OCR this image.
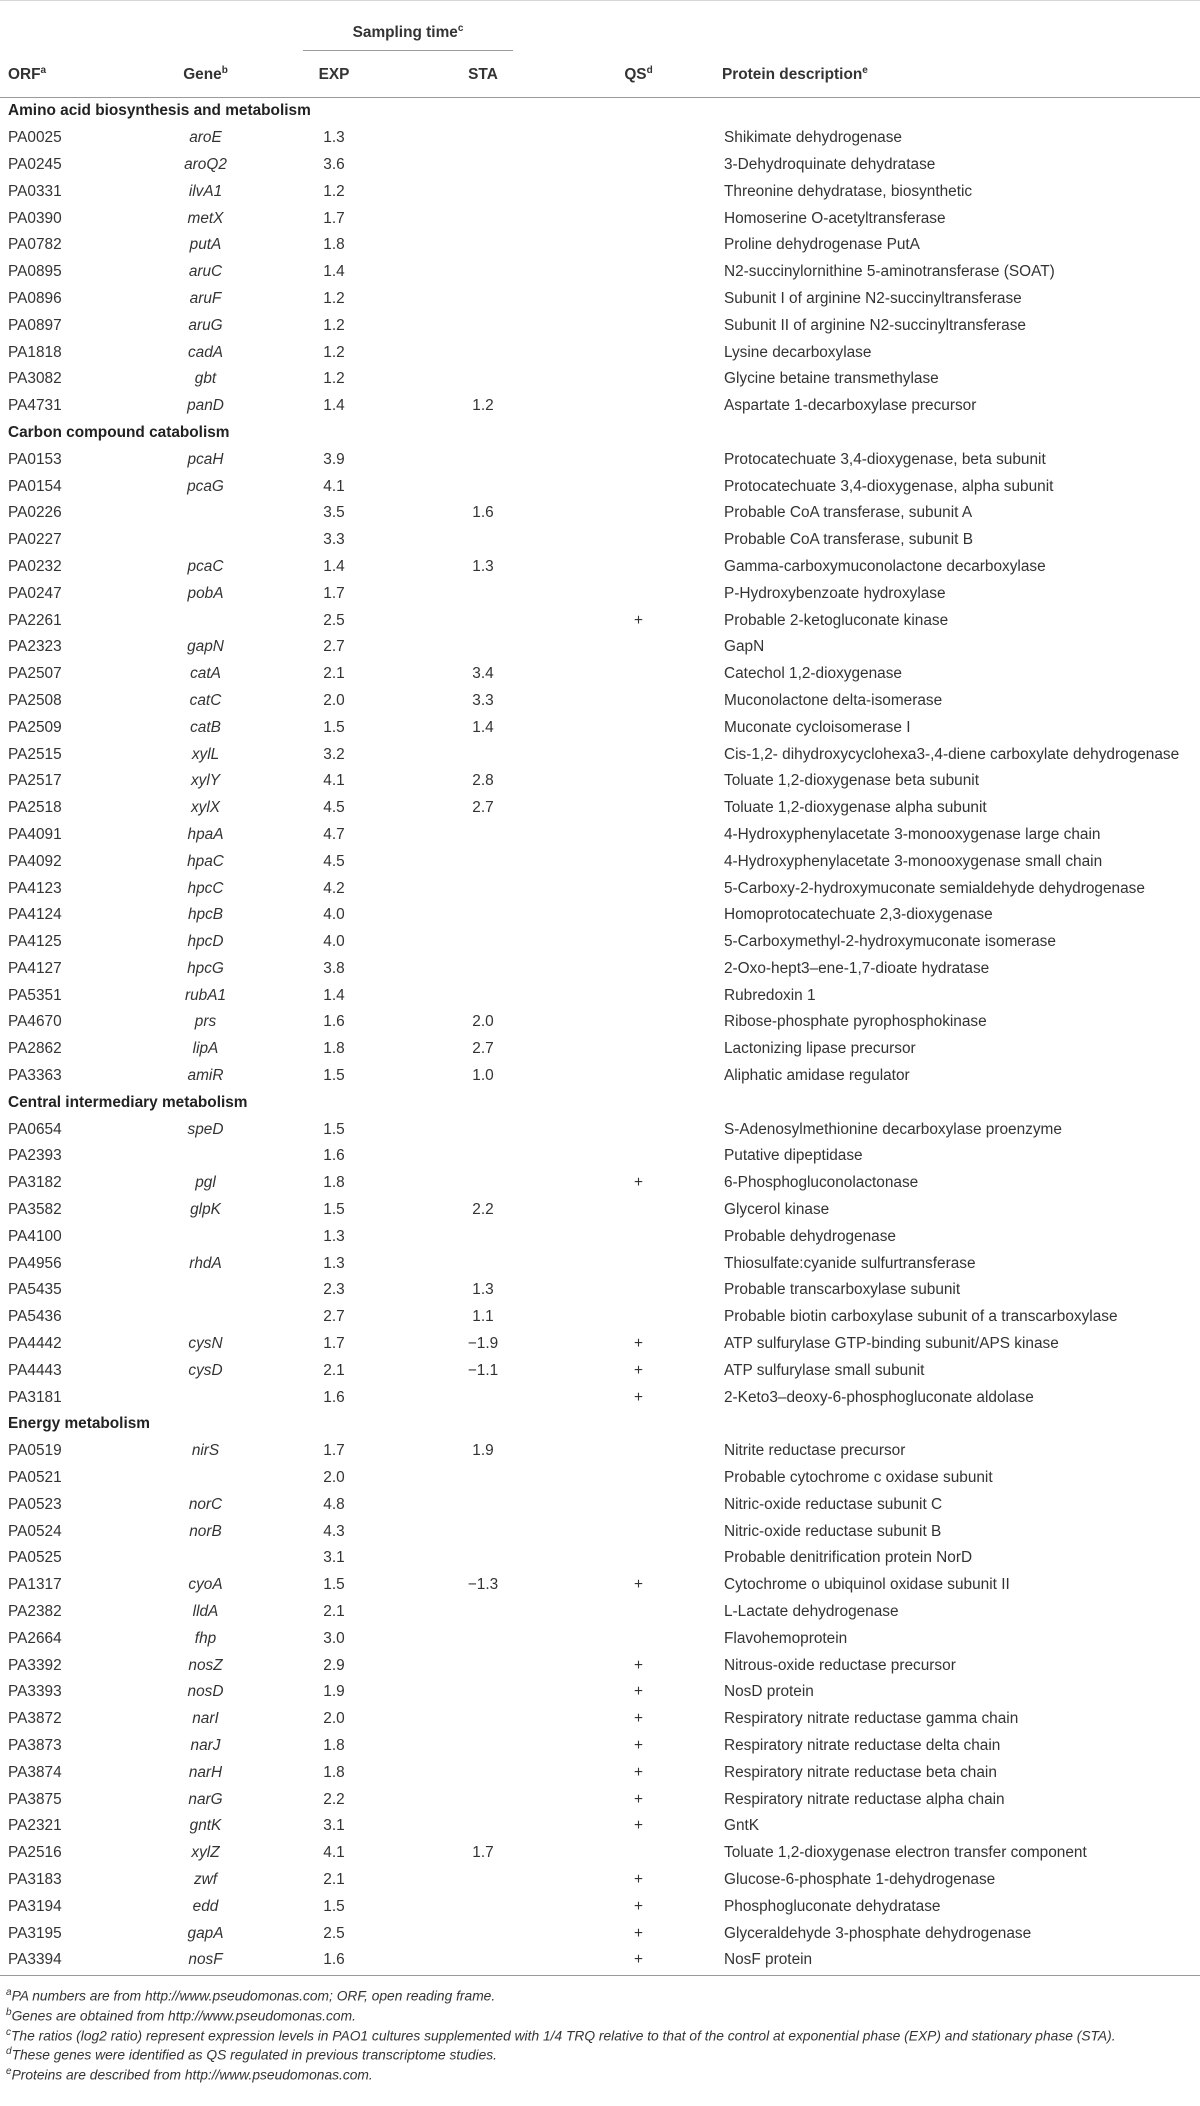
		Sampling time$^c$		
ORF$^a$	Gene$^b$	EXP	STA	$QS^d$	Protein description$^e$
Amino acid biosynthesis and metabolism					
PA0025	aroE	1.3			Shikimate dehydrogenase
PA0245	aroQ2	3.6			3-Dehydroquinate dehydratase
PA0331	ilvA1	1.2			Threonine dehydratase, biosynthetic
PA0390	metX	1.7			Homoserine O-acetyltransferase
PA0782	putA	1.8			Proline dehydrogenase PutA
PA0895	aruC	1.4			N2-succinylornithine 5-aminotransferase (SOAT)
PA0896	aruF	1.2			Subunit I of arginine N2-succinyltransferase
PA0897	aruG	1.2			Subunit II of arginine N2-succinyltransferase
PA1818	cadA	1.2			Lysine decarboxylase
PA3082	gbt	1.2			Glycine betaine transmethylase
PA4731	panD	1.4	1.2		Aspartate 1-decarboxylase precursor
Carbon compound catabolism					
PA0153	pcaH	3.9			Protocatechuate 3,4-dioxygenase, beta subunit
PA0154	pcaG	4.1			Protocatechuate 3,4-dioxygenase, alpha subunit
PA0226		3.5	1.6		Probable CoA transferase, subunit A
PA0227		3.3			Probable CoA transferase, subunit B
PA0232	pcaC	1.4	1.3		Gamma-carboxymuconolactone decarboxylase
PA0247	pobA	1.7			P-Hydroxybenzoate hydroxylase
PA2261		2.5		+	Probable 2-ketogluconate kinase
PA2323	gapN	2.7			GapN
PA2507	catA	2.1	3.4		Catechol 1,2-dioxygenase
PA2508	catC	2.0	3.3		Muconolactone delta-isomerase
PA2509	catB	1.5	1.4		Muconate cycloisomerase I
PA2515	xylL	3.2			Cis-1,2- dihydroxycyclohexa3-,4-diene carboxylate dehydrogenase
PA2517	xylY	4.1	2.8		Toluate 1,2-dioxygenase beta subunit
PA2518	xylX	4.5	2.7		Toluate 1,2-dioxygenase alpha subunit
PA4091	hpaA	4.7			4-Hydroxyphenylacetate 3-monooxygenase large chain
PA4092	hpaC	4.5			4-Hydroxyphenylacetate 3-monooxygenase small chain
PA4123	hpcC	4.2			5-Carboxy-2-hydroxymuconate semialdehyde dehydrogenase
PA4124	hpcB	4.0			Homoprotocatechuate 2,3-dioxygenase
PA4125	hpcD	4.0			5-Carboxymethyl-2-hydroxymuconate isomerase
PA4127	hpcG	3.8			2-Oxo-hept3–ene-1,7-dioate hydratase
PA5351	rubA1	1.4			Rubredoxin 1
PA4670	prs	1.6	2.0		Ribose-phosphate pyrophosphokinase
PA2862	lipA	1.8	2.7		Lactonizing lipase precursor
PA3363	amiR	1.5	1.0		Aliphatic amidase regulator
Central intermediary metabolism					
PA0654	speD	1.5			S-Adenosylmethionine decarboxylase proenzyme
PA2393		1.6			Putative dipeptidase
PA3182	pgl	1.8		+	6-Phosphogluconolactonase
PA3582	glpK	1.5	2.2		Glycerol kinase
PA4100		1.3			Probable dehydrogenase
PA4956	rhdA	1.3			Thiosulfate:cyanide sulfurtransferase
PA5435		2.3	1.3		Probable transcarboxylase subunit
PA5436		2.7	1.1		Probable biotin carboxylase subunit of a transcarboxylase
PA4442	cysN	1.7	−1.9	+	ATP sulfurylase GTP-binding subunit/APS kinase
PA4443	cysD	2.1	−1.1	+	ATP sulfurylase small subunit
PA3181		1.6		+	2-Keto3–deoxy-6-phosphogluconate aldolase
Energy metabolism					
PA0519	nirS	1.7	1.9		Nitrite reductase precursor
PA0521		2.0			Probable cytochrome c oxidase subunit
PA0523	norC	4.8			Nitric-oxide reductase subunit C
PA0524	norB	4.3			Nitric-oxide reductase subunit B
PA0525		3.1			Probable denitrification protein NorD
PA1317	cyoA	1.5	−1.3	+	Cytochrome o ubiquinol oxidase subunit II
PA2382	lldA	2.1			L-Lactate dehydrogenase
PA2664	fhp	3.0			Flavohemoprotein
PA3392	nosZ	2.9		+	Nitrous-oxide reductase precursor
PA3393	nosD	1.9		+	NosD protein
PA3872	narI	2.0		+	Respiratory nitrate reductase gamma chain
PA3873	narJ	1.8		+	Respiratory nitrate reductase delta chain
PA3874	narH	1.8		+	Respiratory nitrate reductase beta chain
PA3875	narG	2.2		+	Respiratory nitrate reductase alpha chain
PA2321	gntK	3.1		+	GntK
PA2516	xylZ	4.1	1.7		Toluate 1,2-dioxygenase electron transfer component
PA3183	zwf	2.1		+	Glucose-6-phosphate 1-dehydrogenase
PA3194	edd	1.5		+	Phosphogluconate dehydratase
PA3195	gapA	2.5		+	Glyceraldehyde 3-phosphate dehydrogenase
PA3394	nosF	1.6		+	NosF protein

$^a$PA numbers are from http://www.pseudomonas.com; ORF, open reading frame.

$^b$Genes are obtained from http://www.pseudomonas.com.

$^c$The ratios (log2 ratio) represent expression levels in PAO1 cultures supplemented with 1/4 TRQ relative to that of the control at exponential phase (EXP) and stationary phase (STA).

$^d$These genes were identified as QS regulated in previous transcriptome studies.

$^e$Proteins are described from http://www.pseudomonas.com.
